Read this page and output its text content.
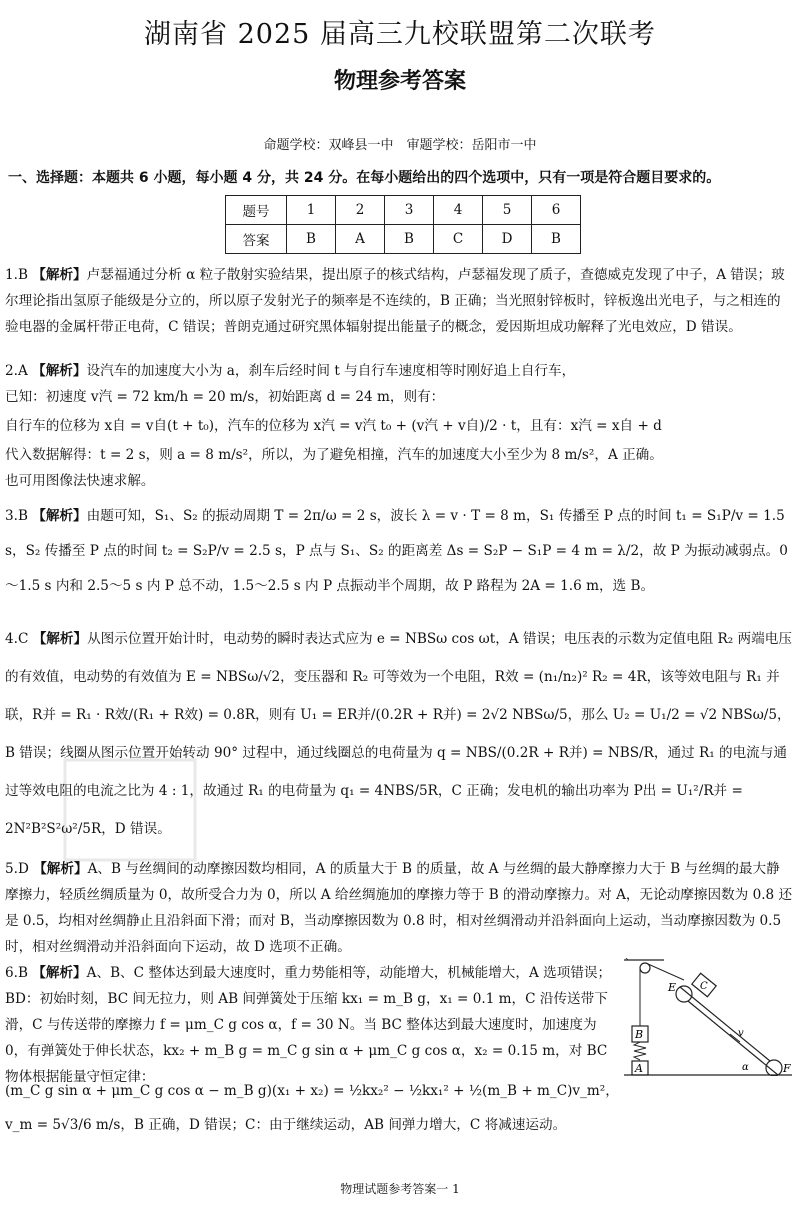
湖南省 2025 届高三九校联盟第二次联考
物理参考答案
命题学校：双峰县一中　审题学校：岳阳市一中
一、选择题：本题共 6 小题，每小题 4 分，共 24 分。在每小题给出的四个选项中，只有一项是符合题目要求的。
题号	1	2	3	4	5	6
答案	B	A	B	C	D	B

1.B 【解析】卢瑟福通过分析 α 粒子散射实验结果，提出原子的核式结构，卢瑟福发现了质子，查德威克发现了中子，A 错误；玻尔理论指出氢原子能级是分立的，所以原子发射光子的频率是不连续的，B 正确；当光照射锌板时，锌板逸出光电子，与之相连的验电器的金属杆带正电荷，C 错误；普朗克通过研究黑体辐射提出能量子的概念，爱因斯坦成功解释了光电效应，D 错误。

2.A 【解析】设汽车的加速度大小为 a，刹车后经时间 t 与自行车速度相等时刚好追上自行车，

已知：初速度 v汽 = 72 km/h = 20 m/s，初始距离 d = 24 m，则有：

自行车的位移为 x自 = v自(t + t₀)，汽车的位移为 x汽 = v汽 t₀ + (v汽 + v自)/2 · t，且有：x汽 = x自 + d

代入数据解得：t = 2 s，则 a = 8 m/s²，所以，为了避免相撞，汽车的加速度大小至少为 8 m/s²，A 正确。

也可用图像法快速求解。

3.B 【解析】由题可知，S₁、S₂ 的振动周期 T = 2π/ω = 2 s，波长 λ = v · T = 8 m，S₁ 传播至 P 点的时间 t₁ = S₁P/v = 1.5 s，S₂ 传播至 P 点的时间 t₂ = S₂P/v = 2.5 s，P 点与 S₁、S₂ 的距离差 Δs = S₂P − S₁P = 4 m = λ/2，故 P 为振动减弱点。0～1.5 s 内和 2.5～5 s 内 P 总不动，1.5～2.5 s 内 P 点振动半个周期，故 P 路程为 2A = 1.6 m，选 B。

4.C 【解析】从图示位置开始计时，电动势的瞬时表达式应为 e = NBSω cos ωt，A 错误；电压表的示数为定值电阻 R₂ 两端电压的有效值，电动势的有效值为 E = NBSω/√2，变压器和 R₂ 可等效为一个电阻，R效 = (n₁/n₂)² R₂ = 4R，该等效电阻与 R₁ 并联，R并 = R₁ · R效/(R₁ + R效) = 0.8R，则有 U₁ = ER并/(0.2R + R并) = 2√2 NBSω/5，那么 U₂ = U₁/2 = √2 NBSω/5，B 错误；线圈从图示位置开始转动 90° 过程中，通过线圈总的电荷量为 q = NBS/(0.2R + R并) = NBS/R，通过 R₁ 的电流与通过等效电阻的电流之比为 4 : 1，故通过 R₁ 的电荷量为 q₁ = 4NBS/5R，C 正确；发电机的输出功率为 P出 = U₁²/R并 = 2N²B²S²ω²/5R，D 错误。

5.D 【解析】A、B 与丝绸间的动摩擦因数均相同，A 的质量大于 B 的质量，故 A 与丝绸的最大静摩擦力大于 B 与丝绸的最大静摩擦力，轻质丝绸质量为 0，故所受合力为 0，所以 A 给丝绸施加的摩擦力等于 B 的滑动摩擦力。对 A，无论动摩擦因数为 0.8 还是 0.5，均相对丝绸静止且沿斜面下滑；而对 B，当动摩擦因数为 0.8 时，相对丝绸滑动并沿斜面向上运动，当动摩擦因数为 0.5 时，相对丝绸滑动并沿斜面向下运动，故 D 选项不正确。

6.B 【解析】A、B、C 整体达到最大速度时，重力势能相等，动能增大，机械能增大，A 选项错误；BD：初始时刻，BC 间无拉力，则 AB 间弹簧处于压缩 kx₁ = m_B g，x₁ = 0.1 m，C 沿传送带下滑，C 与传送带的摩擦力 f = μm_C g cos α，f = 30 N。当 BC 整体达到最大速度时，加速度为 0，有弹簧处于伸长状态，kx₂ + m_B g = m_C g sin α + μm_C g cos α，x₂ = 0.15 m，对 BC 物体根据能量守恒定律：

(m_C g sin α + μm_C g cos α − m_B g)(x₁ + x₂) = ½kx₂² − ½kx₁² + ½(m_B + m_C)v_m²，

v_m = 5√3/6 m/s，B 正确，D 错误；C：由于继续运动，AB 间弹力增大，C 将减速运动。

E C
B
A
v
α	F
物理试题参考答案一 1
